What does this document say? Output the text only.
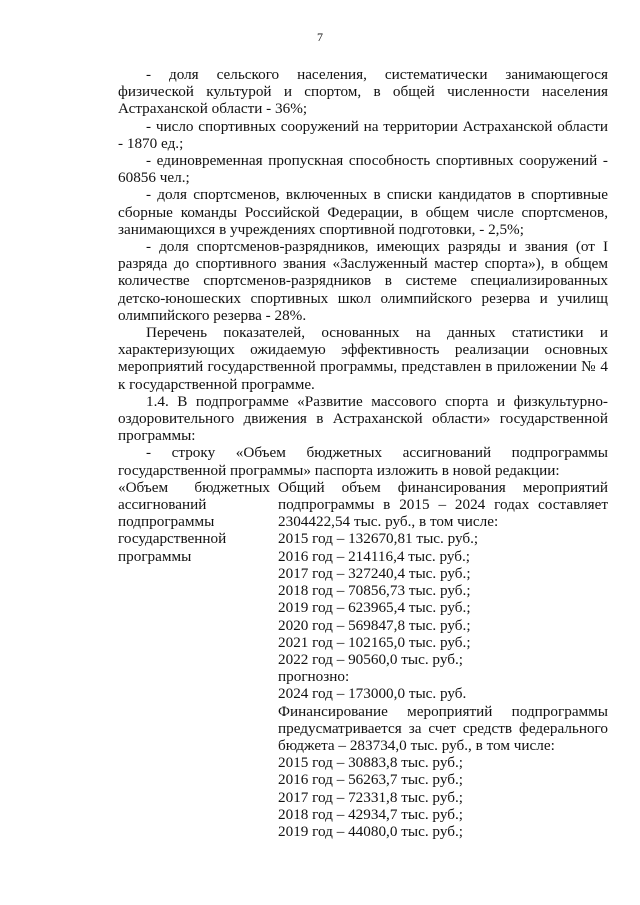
7

- доля сельского населения, систематически занимающегося физической культурой и спортом, в общей численности населения Астраханской области - 36%;

- число спортивных сооружений на территории Астраханской области - 1870 ед.;

- единовременная пропускная способность спортивных сооружений - 60856 чел.;

- доля спортсменов, включенных в списки кандидатов в спортивные сборные команды Российской Федерации, в общем числе спортсменов, занимающихся в учреждениях спортивной подготовки, - 2,5%;

- доля спортсменов-разрядников, имеющих разряды и звания (от I разряда до спортивного звания «Заслуженный мастер спорта»), в общем количестве спортсменов-разрядников в системе специализированных детско-юношеских спортивных школ олимпийского резерва и училищ олимпийского резерва - 28%.

Перечень показателей, основанных на данных статистики и характеризующих ожидаемую эффективность реализации основных мероприятий государственной программы, представлен в приложении № 4 к государственной программе.

1.4. В подпрограмме «Развитие массового спорта и физкультурно-оздоровительного движения в Астраханской области» государственной программы:

- строку «Объем бюджетных ассигнований подпрограммы государственной программы» паспорта изложить в новой редакции:

«Объем бюджетных ассигнований подпрограммы государственной программы
Общий объем финансирования мероприятий подпрограммы в 2015 – 2024 годах составляет 2304422,54 тыс. руб., в том числе:
2015 год – 132670,81 тыс. руб.;
2016 год – 214116,4 тыс. руб.;
2017 год – 327240,4 тыс. руб.;
2018 год – 70856,73 тыс. руб.;
2019 год – 623965,4 тыс. руб.;
2020 год – 569847,8 тыс. руб.;
2021 год – 102165,0 тыс. руб.;
2022 год – 90560,0 тыс. руб.;
прогнозно:
2024 год – 173000,0 тыс. руб.
Финансирование мероприятий подпрограммы предусматривается за счет средств федерального бюджета – 283734,0 тыс. руб., в том числе:
2015 год – 30883,8 тыс. руб.;
2016 год – 56263,7 тыс. руб.;
2017 год – 72331,8 тыс. руб.;
2018 год – 42934,7 тыс. руб.;
2019 год – 44080,0 тыс. руб.;
